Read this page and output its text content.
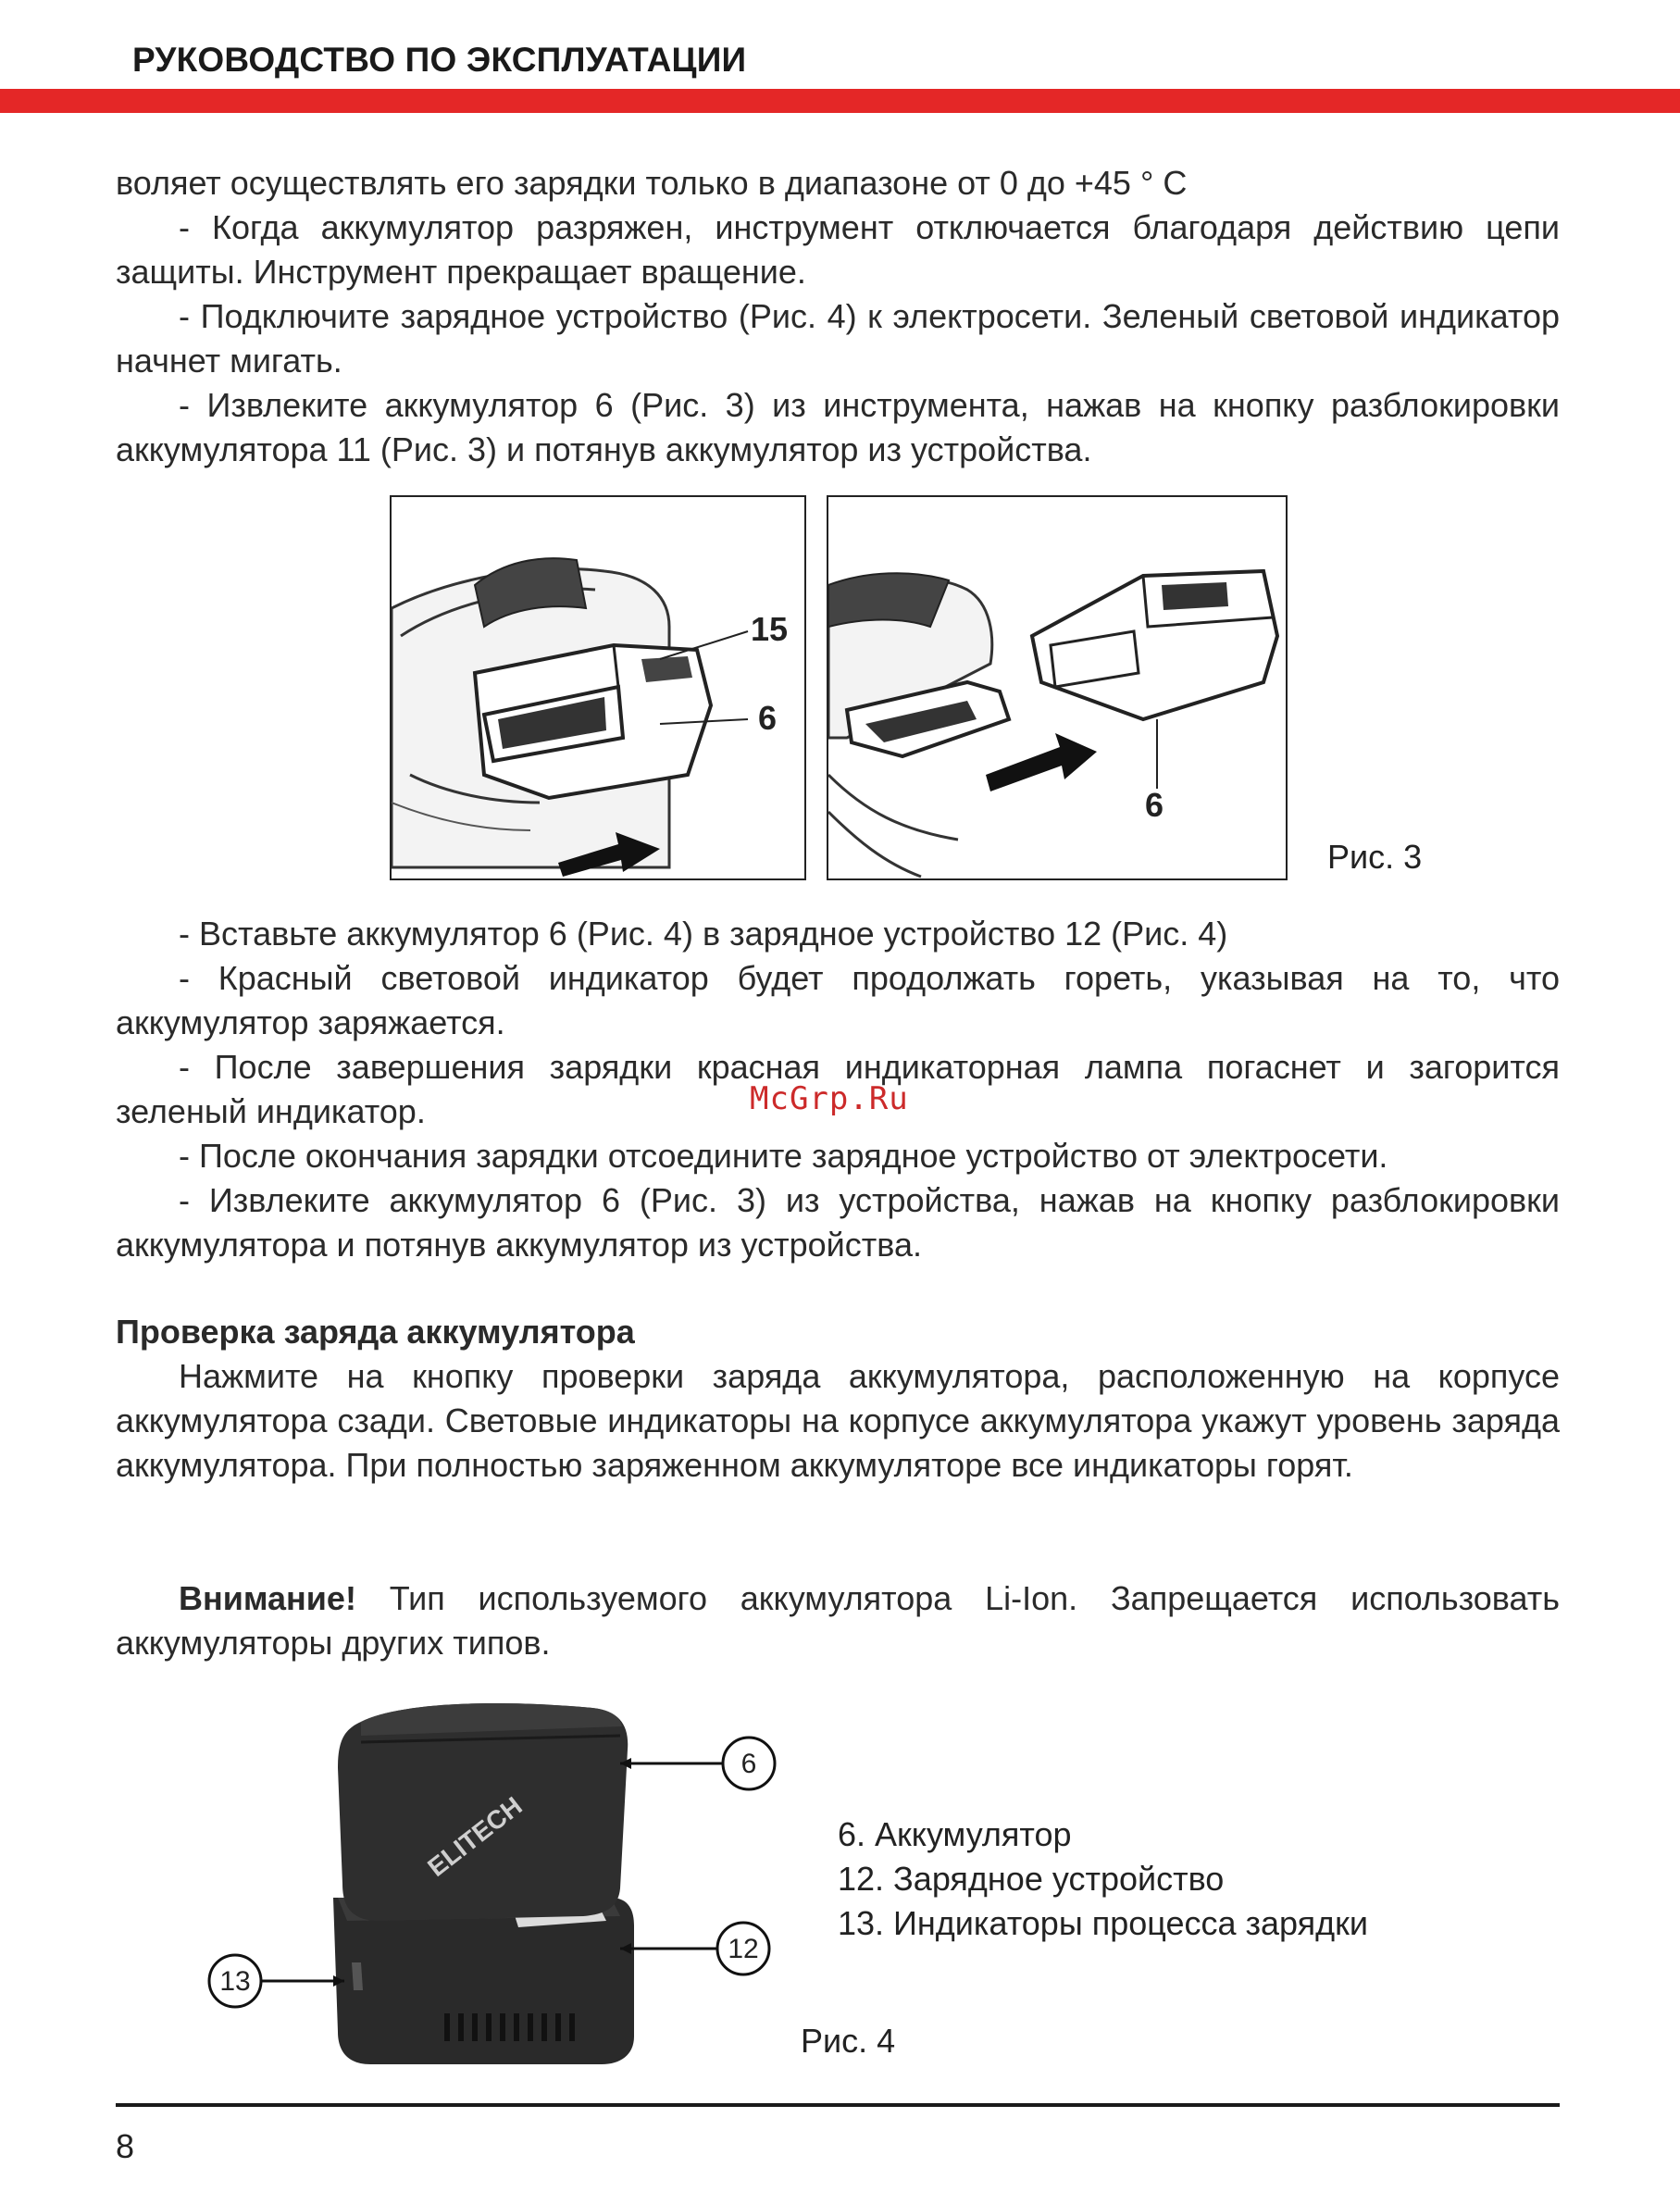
РУКОВОДСТВО ПО ЭКСПЛУАТАЦИИ

воляет осуществлять его зарядки только в диапазоне от 0 до +45 ° С

- Когда аккумулятор разряжен, инструмент отключается благодаря действию цепи защиты. Инструмент прекращает вращение.

- Подключите зарядное устройство (Рис. 4) к электросети. Зеленый световой индикатор начнет мигать.

- Извлеките аккумулятор 6 (Рис. 3) из инструмента, нажав на кнопку разблокировки аккумулятора 11 (Рис. 3) и потянув аккумулятор из устройства.

15
6
6
Рис. 3

- Вставьте аккумулятор 6 (Рис. 4) в зарядное устройство 12 (Рис. 4)

- Красный световой индикатор будет продолжать гореть, указывая на то, что аккумулятор заряжается.

- После завершения зарядки красная индикаторная лампа погаснет и загорится зеленый индикатор.

- После окончания зарядки отсоедините зарядное устройство от электросети.

- Извлеките аккумулятор 6 (Рис. 3) из устройства, нажав на кнопку разблокировки аккумулятора и потянув аккумулятор из устройства.

McGrp.Ru

Проверка заряда аккумулятора

Нажмите на кнопку проверки заряда аккумулятора, расположенную на корпусе аккумулятора сзади. Световые индикаторы на корпусе аккумулятора укажут уровень заряда аккумулятора. При полностью заряженном аккумуляторе все индикаторы горят.

Внимание! Тип используемого аккумулятора Li-Ion. Запрещается использовать аккумуляторы других типов.

ELITECH
6
12
13
6. Аккумулятор
12. Зарядное устройство
13. Индикаторы процесса зарядки
Рис. 4
8
